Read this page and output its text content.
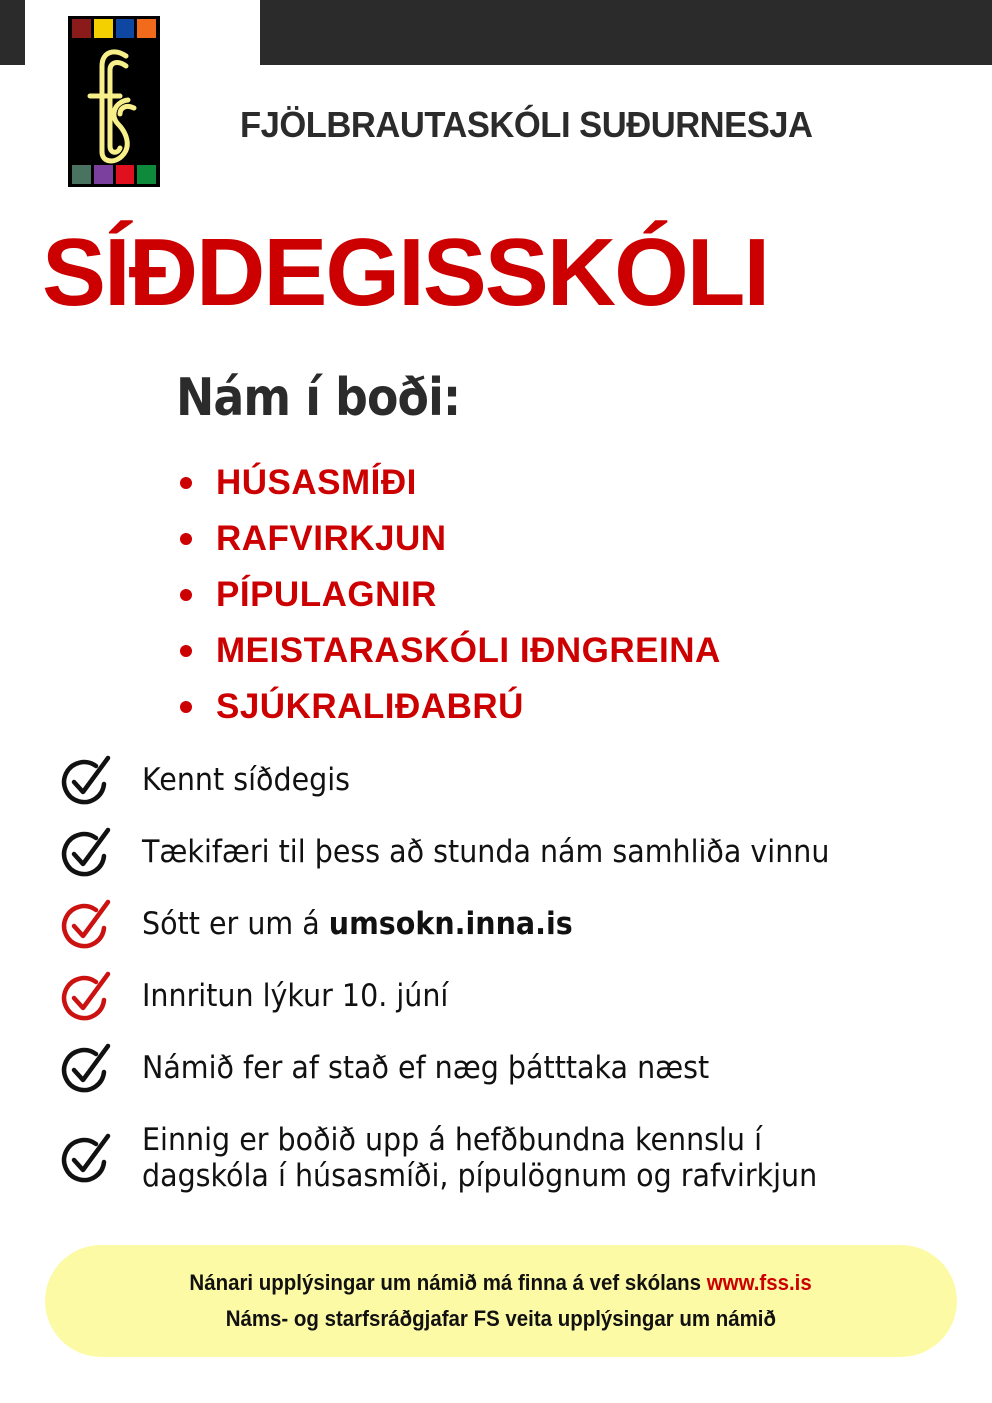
FJÖLBRAUTASKÓLI SUÐURNESJA
SÍÐDEGISSKÓLI
Nám í boði:
HÚSASMÍÐI
RAFVIRKJUN
PÍPULAGNIR
MEISTARASKÓLI IÐNGREINA
SJÚKRALIÐABRÚ
Kennt síðdegis
Tækifæri til þess að stunda nám samhliða vinnu
Sótt er um á umsokn.inna.is
Innritun lýkur 10. júní
Námið fer af stað ef næg þátttaka næst
Einnig er boðið upp á hefðbundna kennslu í
dagskóla í húsasmíði, pípulögnum og rafvirkjun
Nánari upplýsingar um námið má finna á vef skólans www.fss.is
Náms- og starfsráðgjafar FS veita upplýsingar um námið
